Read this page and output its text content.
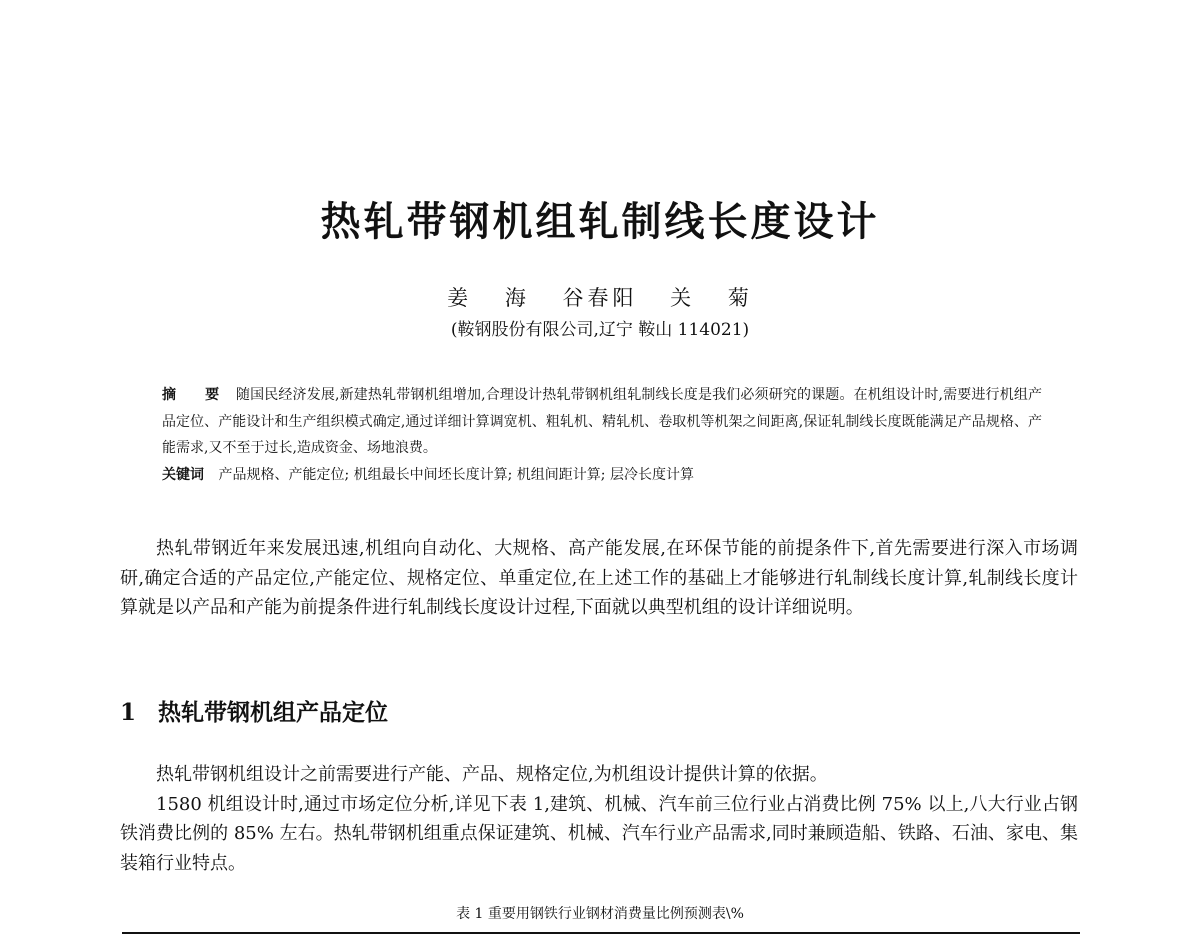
热轧带钢机组轧制线长度设计
姜 海 谷春阳 关 菊
(鞍钢股份有限公司,辽宁 鞍山 114021)

摘 要 随国民经济发展,新建热轧带钢机组增加,合理设计热轧带钢机组轧制线长度是我们必须研究的课题。在机组设计时,需要进行机组产品定位、产能设计和生产组织模式确定,通过详细计算调宽机、粗轧机、精轧机、卷取机等机架之间距离,保证轧制线长度既能满足产品规格、产能需求,又不至于过长,造成资金、场地浪费。

关键词 产品规格、产能定位; 机组最长中间坯长度计算; 机组间距计算; 层冷长度计算

热轧带钢近年来发展迅速,机组向自动化、大规格、高产能发展,在环保节能的前提条件下,首先需要进行深入市场调研,确定合适的产品定位,产能定位、规格定位、单重定位,在上述工作的基础上才能够进行轧制线长度计算,轧制线长度计算就是以产品和产能为前提条件进行轧制线长度设计过程,下面就以典型机组的设计详细说明。

1 热轧带钢机组产品定位

热轧带钢机组设计之前需要进行产能、产品、规格定位,为机组设计提供计算的依据。

1580 机组设计时,通过市场定位分析,详见下表 1,建筑、机械、汽车前三位行业占消费比例 75% 以上,八大行业占钢铁消费比例的 85% 左右。热轧带钢机组重点保证建筑、机械、汽车行业产品需求,同时兼顾造船、铁路、石油、家电、集装箱行业特点。

表 1 重要用钢铁行业钢材消费量比例预测表\%
